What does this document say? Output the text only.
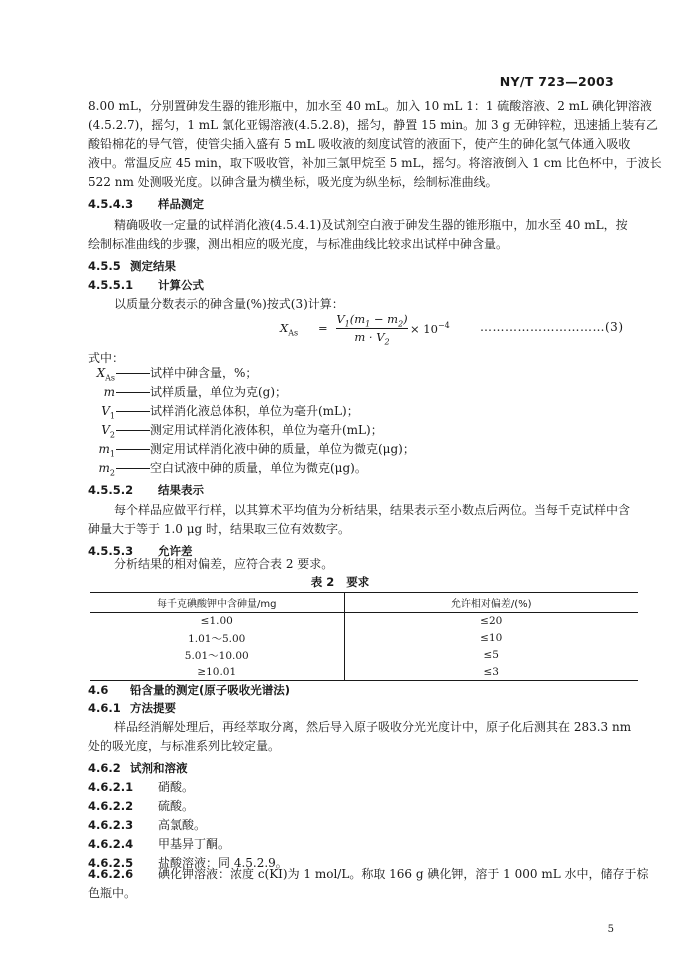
NY/T 723—2003
8.00 mL，分别置砷发生器的锥形瓶中，加水至 40 mL。加入 10 mL 1：1 硫酸溶液、2 mL 碘化钾溶液
(4.5.2.7)，摇匀，1 mL 氯化亚锡溶液(4.5.2.8)，摇匀，静置 15 min。加 3 g 无砷锌粒，迅速插上装有乙
酸铅棉花的导气管，使管尖插入盛有 5 mL 吸收液的刻度试管的液面下，使产生的砷化氢气体通入吸收
液中。常温反应 45 min，取下吸收管，补加三氯甲烷至 5 mL，摇匀。将溶液倒入 1 cm 比色杯中，于波长
522 nm 处测吸光度。以砷含量为横坐标，吸光度为纵坐标，绘制标准曲线。
4.5.4.3 样品测定
精确吸收一定量的试样消化液(4.5.4.1)及试剂空白液于砷发生器的锥形瓶中，加水至 40 mL，按
绘制标准曲线的步骤，测出相应的吸光度，与标准曲线比较求出试样中砷含量。
4.5.5 测定结果
4.5.5.1 计算公式
以质量分数表示的砷含量(%)按式(3)计算：
$X_{As}$ =
$V_1(m_1 - m_2)$
$m \cdot V_2$
× $10^{-4}$	…………………………(3)
式中：
$X_{As}$	试样中砷含量，%；
m	试样质量，单位为克(g)；
$V_1$	试样消化液总体积，单位为毫升(mL)；
$V_2$	测定用试样消化液体积，单位为毫升(mL)；
$m_1$	测定用试样消化液中砷的质量，单位为微克(μg)；
$m_2$	空白试液中砷的质量，单位为微克(μg)。
4.5.5.2 结果表示
每个样品应做平行样，以其算术平均值为分析结果，结果表示至小数点后两位。当每千克试样中含
砷量大于等于 1.0 μg 时，结果取三位有效数字。
4.5.5.3 允许差
分析结果的相对偏差，应符合表 2 要求。
表 2 要求
每千克碘酸钾中含砷量/mg	允许相对偏差/(%)
≤1.00	≤20
1.01～5.00	≤10
5.01～10.00	≤5
≥10.01	≤3
4.6 铅含量的测定(原子吸收光谱法)
4.6.1 方法提要
样品经消解处理后，再经萃取分离，然后导入原子吸收分光光度计中，原子化后测其在 283.3 nm
处的吸光度，与标准系列比较定量。
4.6.2 试剂和溶液
4.6.2.1 硝酸。
4.6.2.2 硫酸。
4.6.2.3 高氯酸。
4.6.2.4 甲基异丁酮。
4.6.2.5 盐酸溶液：同 4.5.2.9。
4.6.2.6 碘化钾溶液：浓度 c(KI)为 1 mol/L。称取 166 g 碘化钾，溶于 1 000 mL 水中，储存于棕
色瓶中。
5
